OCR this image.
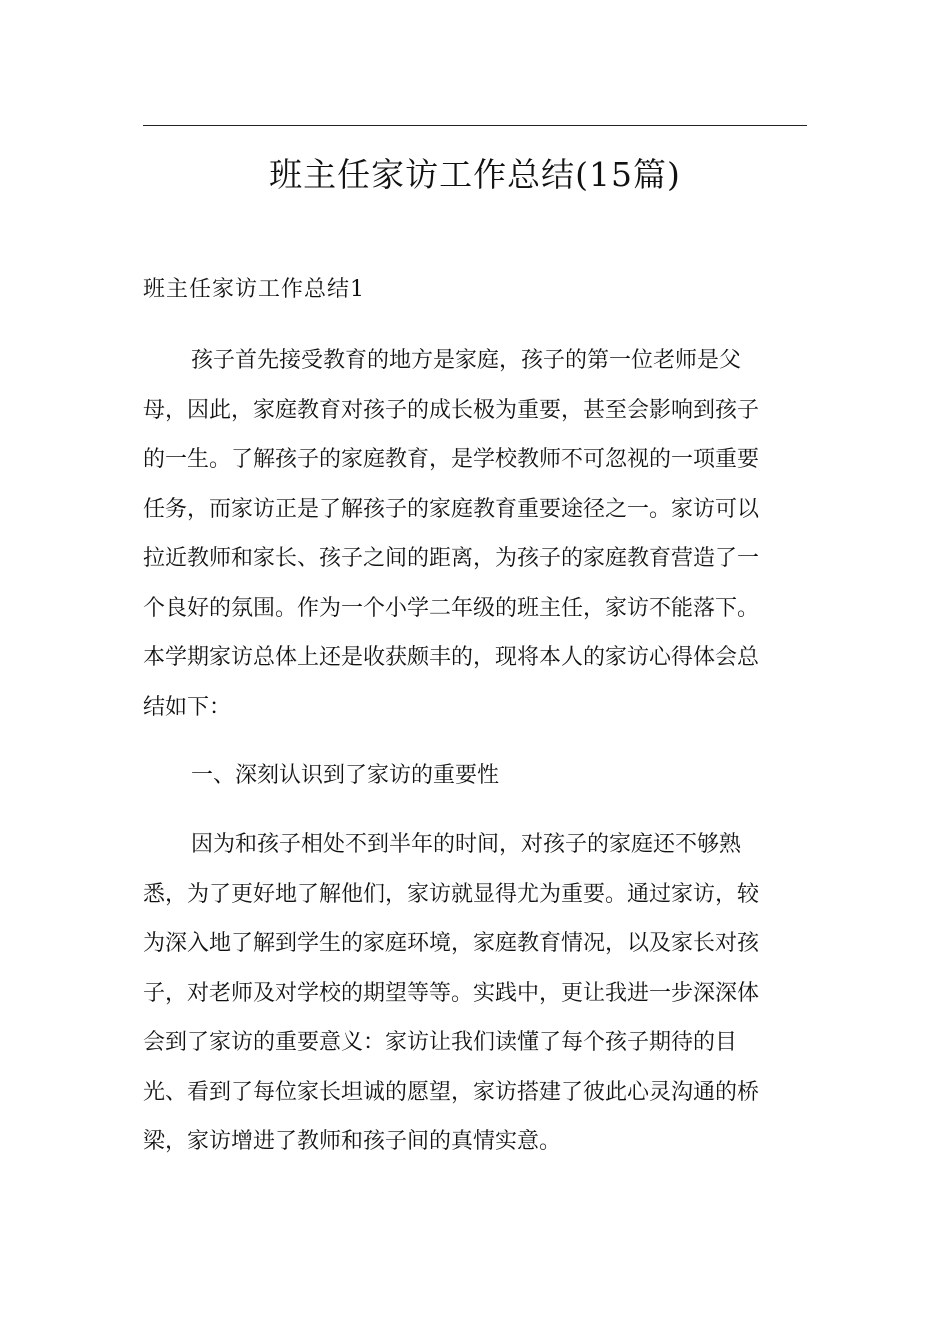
班主任家访工作总结(15篇)
班主任家访工作总结1
孩子首先接受教育的地方是家庭，孩子的第一位老师是父
母，因此，家庭教育对孩子的成长极为重要，甚至会影响到孩子
的一生。了解孩子的家庭教育，是学校教师不可忽视的一项重要
任务，而家访正是了解孩子的家庭教育重要途径之一。家访可以
拉近教师和家长、孩子之间的距离，为孩子的家庭教育营造了一
个良好的氛围。作为一个小学二年级的班主任，家访不能落下。
本学期家访总体上还是收获颇丰的，现将本人的家访心得体会总
结如下：
一、深刻认识到了家访的重要性
因为和孩子相处不到半年的时间，对孩子的家庭还不够熟
悉，为了更好地了解他们，家访就显得尤为重要。通过家访，较
为深入地了解到学生的家庭环境，家庭教育情况，以及家长对孩
子，对老师及对学校的期望等等。实践中，更让我进一步深深体
会到了家访的重要意义：家访让我们读懂了每个孩子期待的目
光、看到了每位家长坦诚的愿望，家访搭建了彼此心灵沟通的桥
梁，家访增进了教师和孩子间的真情实意。
